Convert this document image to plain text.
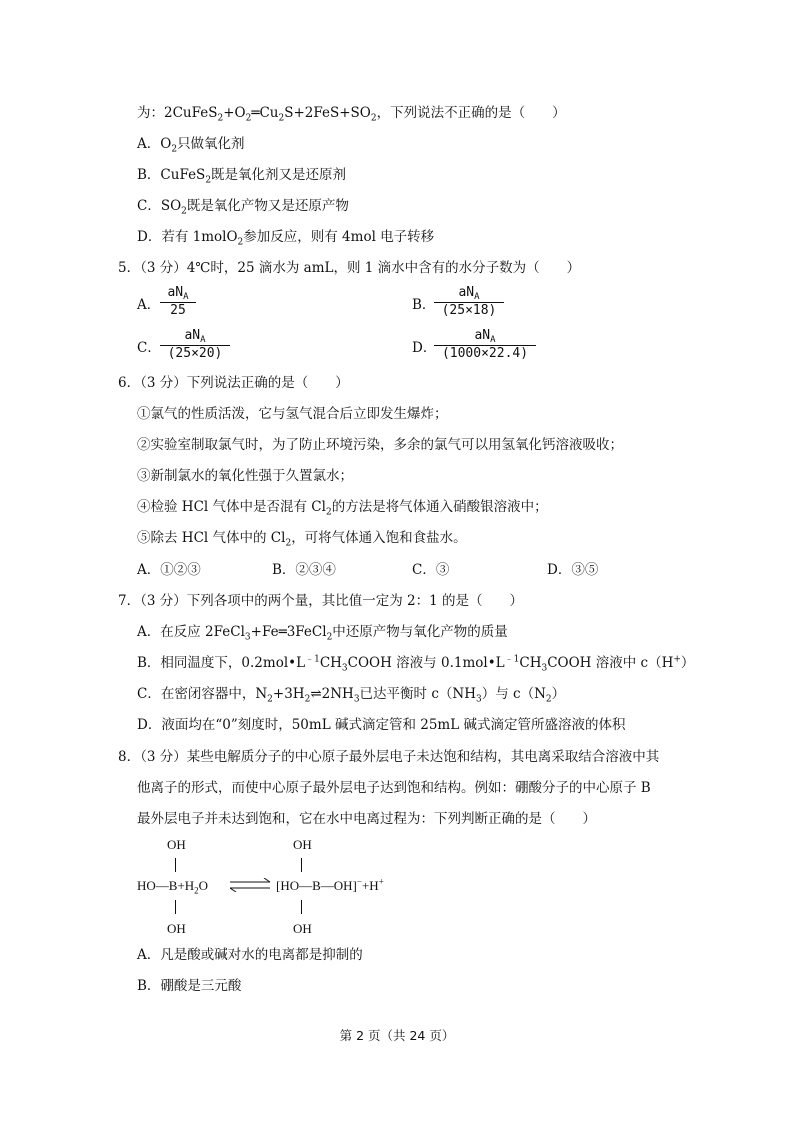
为：$2CuFeS_2+O_2═Cu_2S+2FeS+SO_2$，下列说法不正确的是（　　）
A．$O_2$只做氧化剂
B．CuFeS$_2$既是氧化剂又是还原剂
C．$SO_2$既是氧化产物又是还原产物
D．若有 1molO$_2$参加反应，则有 4mol 电子转移
5．（3 分）4℃时，25 滴水为 amL，则 1 滴水中含有的水分子数为（　　）
A．
$aN_A$
25	B．
$aN_A$
(25×18)
C．
$aN_A$
(25×20)	D．
$aN_A$
(1000×22.4)
6．（3 分）下列说法正确的是（　　）
①氯气的性质活泼，它与氢气混合后立即发生爆炸；
②实验室制取氯气时，为了防止环境污染，多余的氯气可以用氢氧化钙溶液吸收；
③新制氯水的氧化性强于久置氯水；
④检验 HCl 气体中是否混有 $Cl_2$的方法是将气体通入硝酸银溶液中；
⑤除去 HCl 气体中的 $Cl_2$，可将气体通入饱和食盐水。
A．①②③	B．②③④	C．③	D．③⑤
7．（3 分）下列各项中的两个量，其比值一定为 2：1 的是（　　）
A．在反应 2FeCl$_3$+Fe═3FeCl$_2$中还原产物与氧化产物的质量
B．相同温度下，$0.2mol•L^{﹣1}CH_3COOH$ 溶液与 $0.1mol•L^{﹣1}CH_3COOH$ 溶液中 c（H+）
C．在密闭容器中，$N_2+3H_2\rightleftharpoons 2NH_3$已达平衡时 $c(NH_3)$与 $c(N_2)$
D．液面均在“0”刻度时，50mL 碱式滴定管和 25mL 碱式滴定管所盛溶液的体积
8．（3 分）某些电解质分子的中心原子最外层电子未达饱和结构，其电离采取结合溶液中其
他离子的形式，而使中心原子最外层电子达到饱和结构。例如：硼酸分子的中心原子 B
最外层电子并未达到饱和，它在水中电离过程为：下列判断正确的是（　　）
OH
$HO—B+H_2O$
OH
OH
[HO—B—OH]−+H+
OH
A．凡是酸或碱对水的电离都是抑制的
B．硼酸是三元酸
第 2 页（共 24 页）
